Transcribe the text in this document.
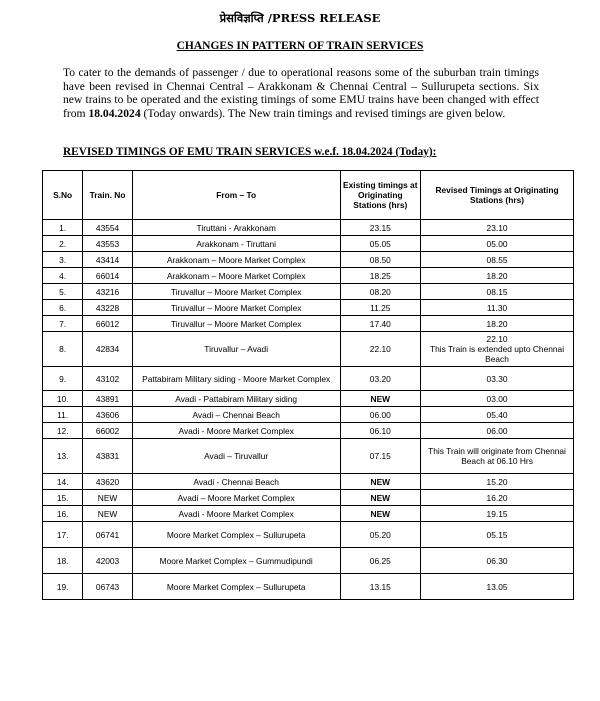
प्रेसविज्ञप्ति /PRESS RELEASE
CHANGES IN PATTERN OF TRAIN SERVICES
To cater to the demands of passenger / due to operational reasons some of the suburban train timings have been revised in Chennai Central – Arakkonam & Chennai Central – Sullurupeta sections. Six new trains to be operated and the existing timings of some EMU trains have been changed with effect from 18.04.2024 (Today onwards). The New train timings and revised timings are given below.
REVISED TIMINGS OF EMU TRAIN SERVICES w.e.f. 18.04.2024 (Today):
S.No	Train. No	From – To	Existing timings at Originating Stations (hrs)	Revised Timings at Originating Stations (hrs)
1.	43554	Tiruttani - Arakkonam	23.15	23.10
2.	43553	Arakkonam - Tiruttani	05.05	05.00
3.	43414	Arakkonam – Moore Market Complex	08.50	08.55
4.	66014	Arakkonam – Moore Market Complex	18.25	18.20
5.	43216	Tiruvallur – Moore Market Complex	08.20	08.15
6.	43228	Tiruvallur – Moore Market Complex	11.25	11.30
7.	66012	Tiruvallur – Moore Market Complex	17.40	18.20
8.	42834	Tiruvallur – Avadi	22.10	22.10
This Train is extended upto Chennai Beach
9.	43102	Pattabiram Military siding - Moore Market Complex	03.20	03.30
10.	43891	Avadi - Pattabiram Military siding	NEW	03.00
11.	43606	Avadi – Chennai Beach	06.00	05.40
12.	66002	Avadi - Moore Market Complex	06.10	06.00
13.	43831	Avadi – Tiruvallur	07.15	This Train will originate from Chennai Beach at 06.10 Hrs
14.	43620	Avadi - Chennai Beach	NEW	15.20
15.	NEW	Avadi – Moore Market Complex	NEW	16.20
16.	NEW	Avadi - Moore Market Complex	NEW	19.15
17.	06741	Moore Market Complex – Sullurupeta	05.20	05.15
18.	42003	Moore Market Complex – Gummudipundi	06.25	06.30
19.	06743	Moore Market Complex – Sullurupeta	13.15	13.05
